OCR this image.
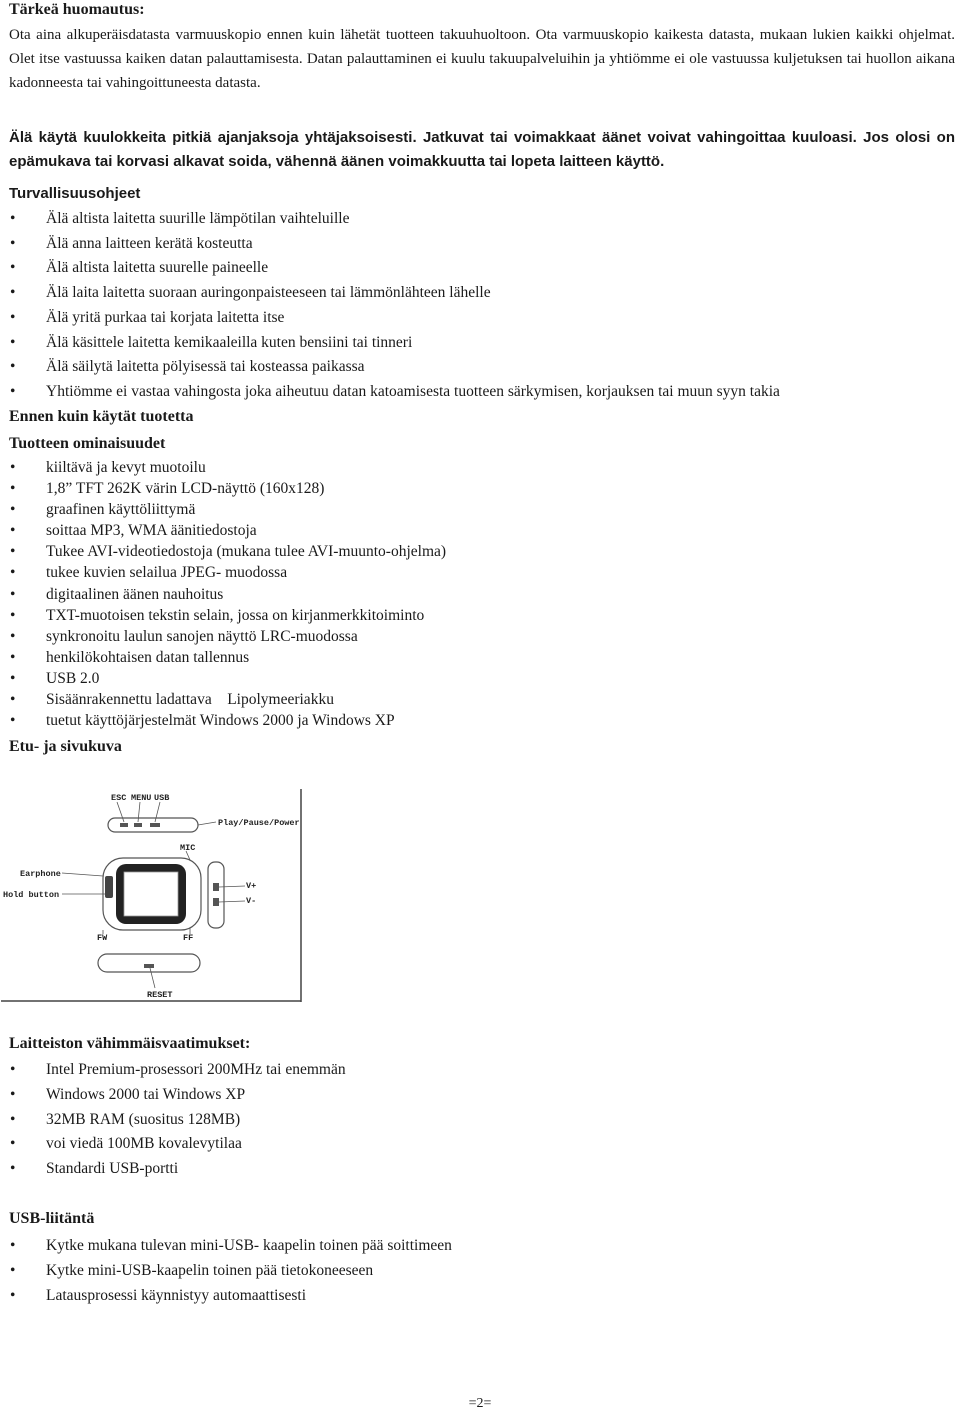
Tärkeä huomautus:
Ota aina alkuperäisdatasta varmuuskopio ennen kuin lähetät tuotteen takuuhuoltoon. Ota varmuuskopio kaikesta datasta, mukaan lukien kaikki ohjelmat. Olet itse vastuussa kaiken datan palauttamisesta. Datan palauttaminen ei kuulu takuupalveluihin ja yhtiömme ei ole vastuussa kuljetuksen tai huollon aikana kadonneesta tai vahingoittuneesta datasta.
Älä käytä kuulokkeita pitkiä ajanjaksoja yhtäjaksoisesti. Jatkuvat tai voimakkaat äänet voivat vahingoittaa kuuloasi. Jos olosi on epämukava tai korvasi alkavat soida, vähennä äänen voimakkuutta tai lopeta laitteen käyttö.
Turvallisuusohjeet
• Älä altista laitetta suurille lämpötilan vaihteluille
• Älä anna laitteen kerätä kosteutta
• Älä altista laitetta suurelle paineelle
• Älä laita laitetta suoraan auringonpaisteeseen tai lämmönlähteen lähelle
• Älä yritä purkaa tai korjata laitetta itse
• Älä käsittele laitetta kemikaaleilla kuten bensiini tai tinneri
• Älä säilytä laitetta pölyisessä tai kosteassa paikassa
• Yhtiömme ei vastaa vahingosta joka aiheutuu datan katoamisesta tuotteen särkymisen, korjauksen tai muun syyn takia
Ennen kuin käytät tuotetta
Tuotteen ominaisuudet
• kiiltävä ja kevyt muotoilu
• 1,8” TFT 262K värin LCD-näyttö (160x128)
• graafinen käyttöliittymä
• soittaa MP3, WMA äänitiedostoja
• Tukee AVI-videotiedostoja (mukana tulee AVI-muunto-ohjelma)
• tukee kuvien selailua JPEG- muodossa
• digitaalinen äänen nauhoitus
• TXT-muotoisen tekstin selain, jossa on kirjanmerkkitoiminto
• synkronoitu laulun sanojen näyttö LRC-muodossa
• henkilökohtaisen datan tallennus
• USB 2.0
• Sisäänrakennettu ladattava    Lipolymeeriakku
• tuetut käyttöjärjestelmät Windows 2000 ja Windows XP
Etu- ja sivukuva
ESC MENU USB
Play/Pause/Power
MIC
Earphone
Hold button
V+
V-
FW	FF
RESET
Laitteiston vähimmäisvaatimukset:
• Intel Premium-prosessori 200MHz tai enemmän
• Windows 2000 tai Windows XP
• 32MB RAM (suositus 128MB)
• voi viedä 100MB kovalevytilaa
• Standardi USB-portti
USB-liitäntä
• Kytke mukana tulevan mini-USB- kaapelin toinen pää soittimeen
• Kytke mini-USB-kaapelin toinen pää tietokoneeseen
• Latausprosessi käynnistyy automaattisesti
=2=
